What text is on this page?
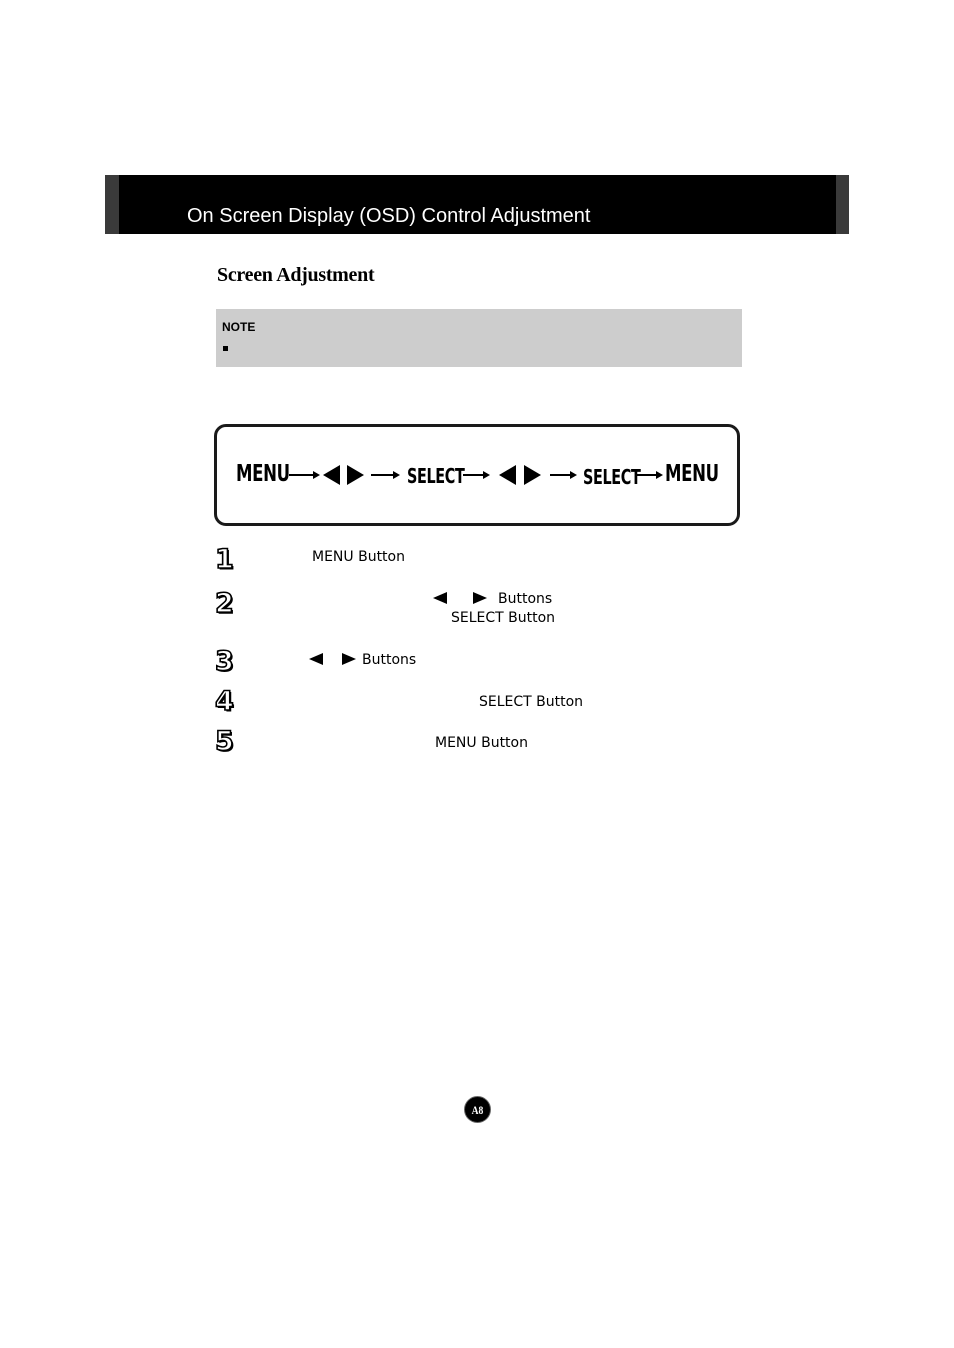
On Screen Display (OSD) Control Adjustment
Screen Adjustment
NOTE
MENU	SELECT	SELECT MENU
1	MENU Button
2	Buttons
SELECT Button
3	Buttons
4	SELECT Button
5	MENU Button
A8
